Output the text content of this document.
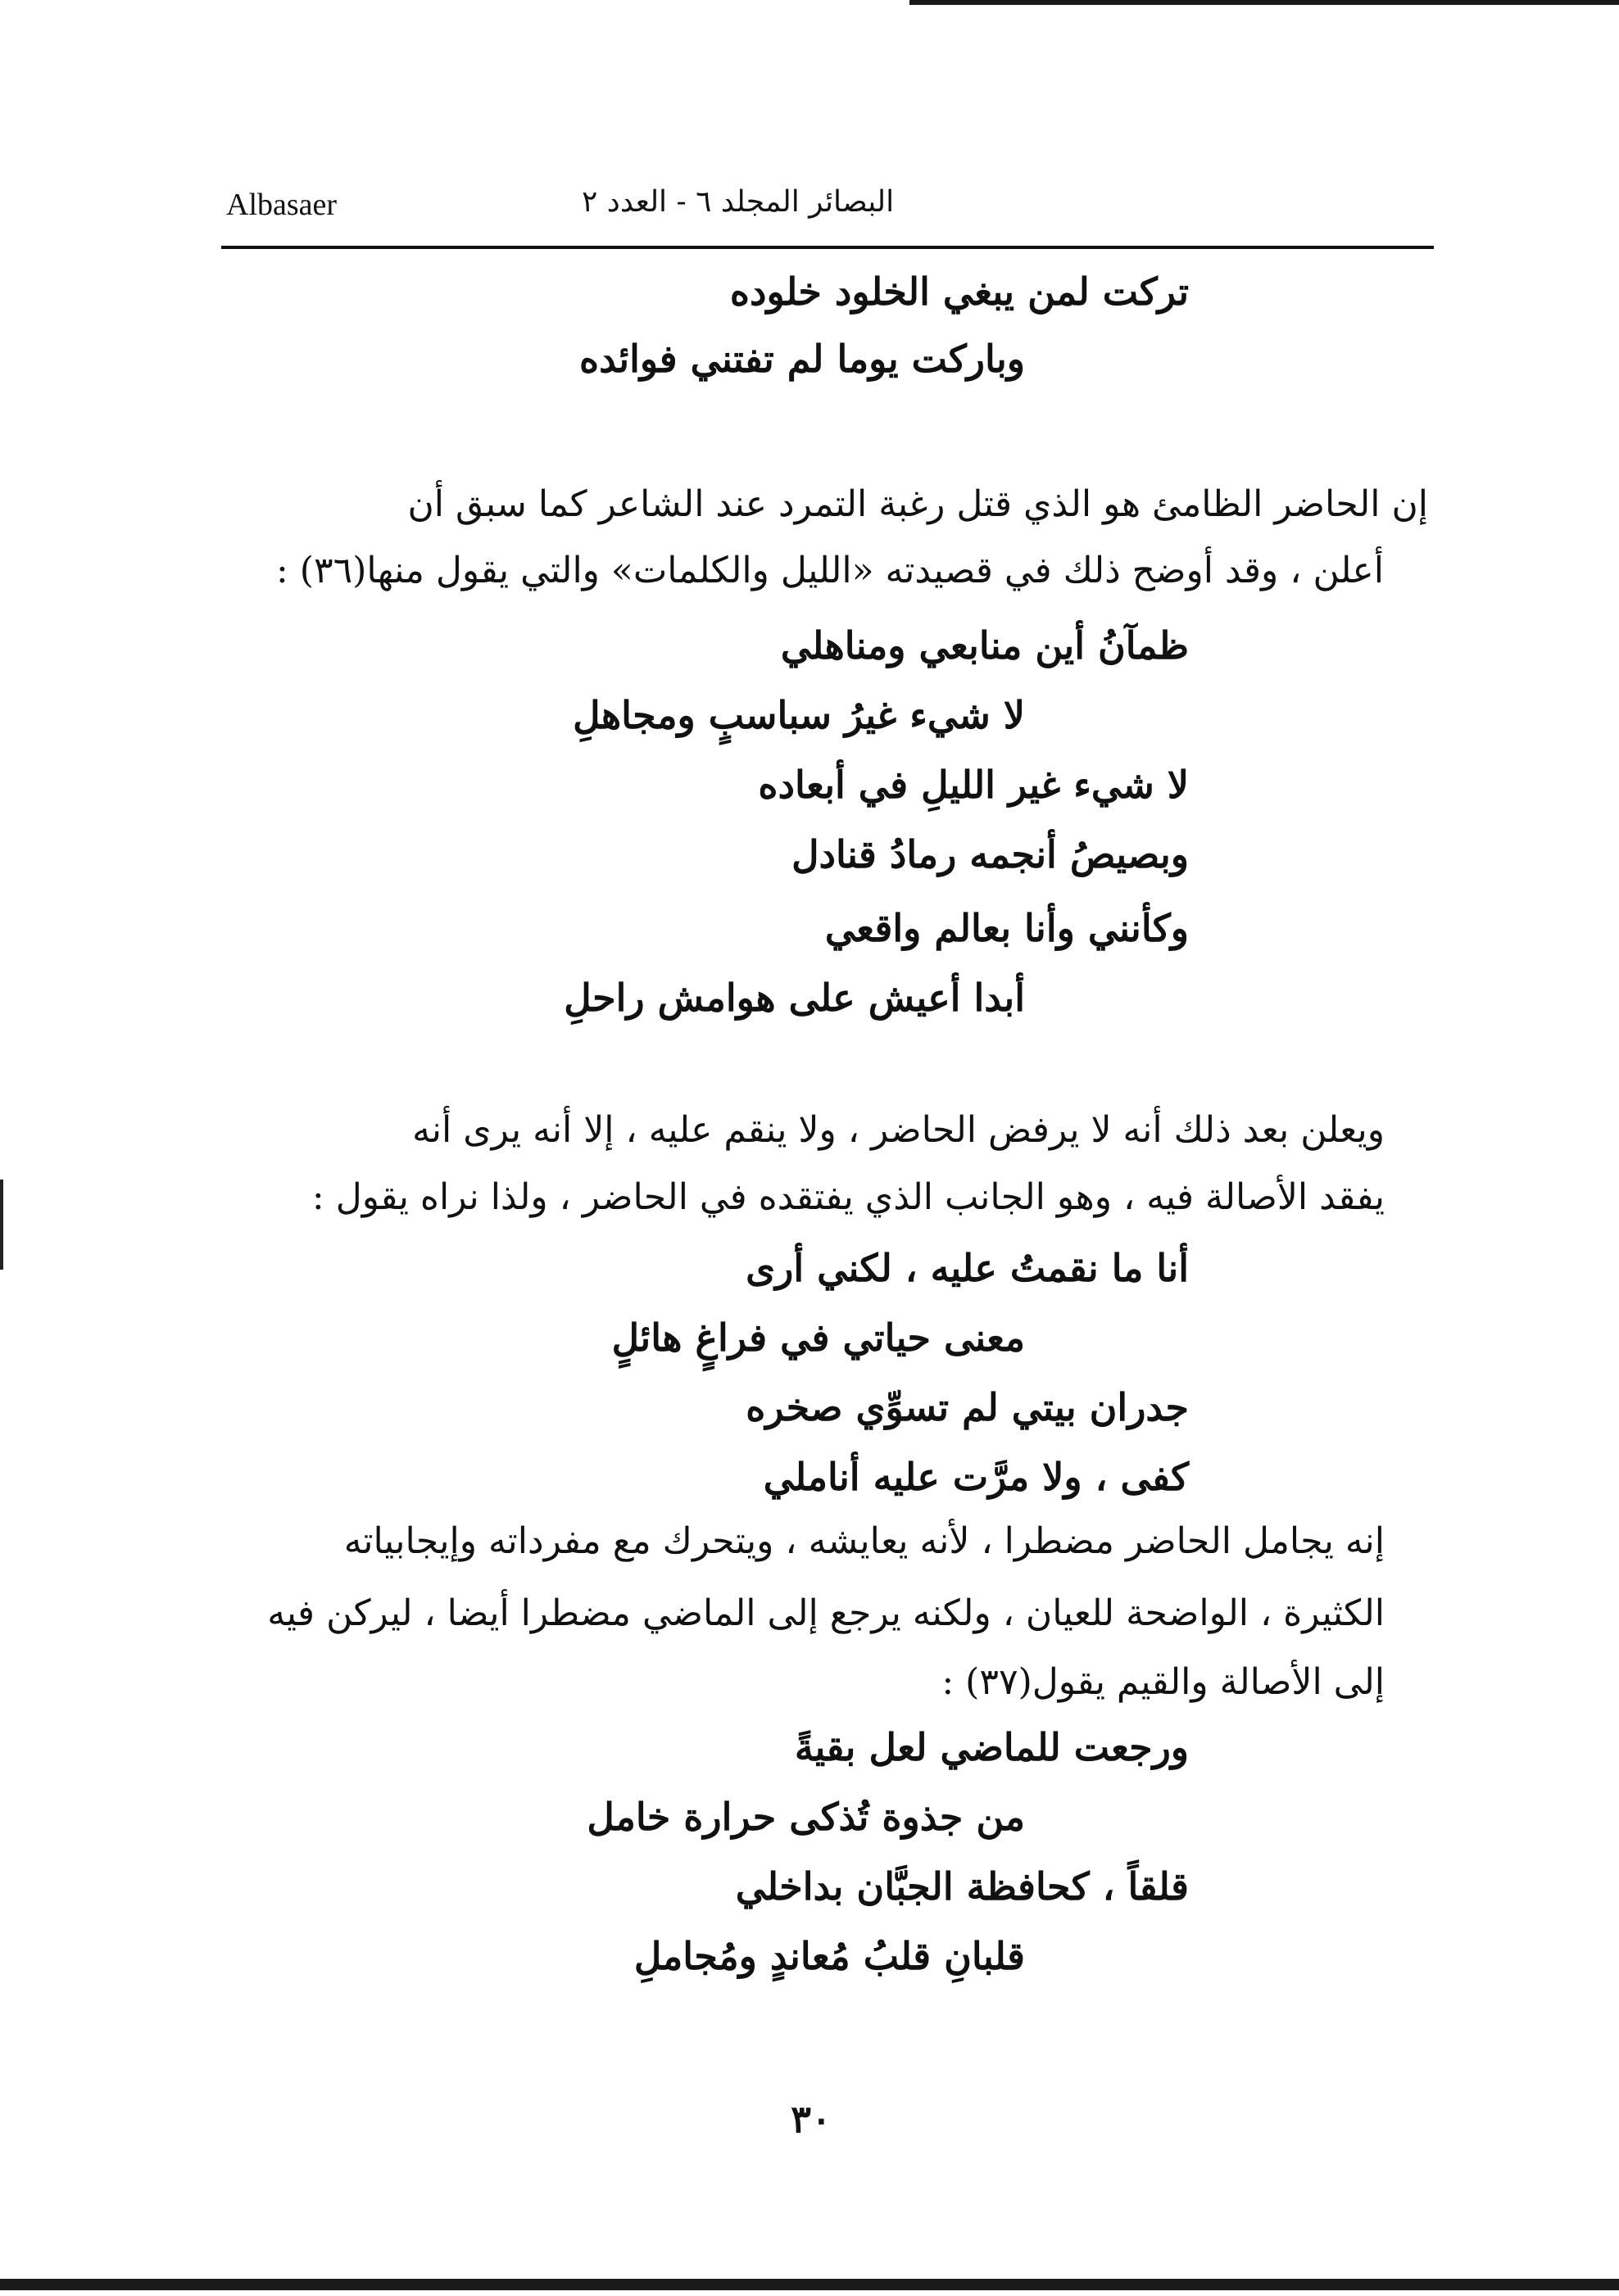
Albasaer	البصائر المجلد ٦ - العدد ٢
تركت لمن يبغي الخلود خلوده
وباركت يوما لم تفتني فوائده
إن الحاضر الظامئ هو الذي قتل رغبة التمرد عند الشاعر كما سبق أن
أعلن ، وقد أوضح ذلك في قصيدته «الليل والكلمات» والتي يقول منها(٣٦) :
ظمآنُ أين منابعي ومناهلي
لا شيء غيرُ سباسبٍ ومجاهلِ
لا شيء غير الليلِ في أبعاده
وبصيصُ أنجمه رمادُ قنادل
وكأنني وأنا بعالم واقعي
أبدا أعيش على هوامش راحلِ
ويعلن بعد ذلك أنه لا يرفض الحاضر ، ولا ينقم عليه ، إلا أنه يرى أنه
يفقد الأصالة فيه ، وهو الجانب الذي يفتقده في الحاضر ، ولذا نراه يقول :
أنا ما نقمتُ عليه ، لكني أرى
معنى حياتي في فراغٍ هائلٍ
جدران بيتي لم تسوِّي صخره
كفى ، ولا مرَّت عليه أناملي
إنه يجامل الحاضر مضطرا ، لأنه يعايشه ، ويتحرك مع مفرداته وإيجابياته
الكثيرة ، الواضحة للعيان ، ولكنه يرجع إلى الماضي مضطرا أيضا ، ليركن فيه
إلى الأصالة والقيم يقول(٣٧) :
ورجعت للماضي لعل بقيةً
من جذوة تُذكى حرارة خامل
قلقاً ، كحافظة الجبَّان بداخلي
قلبانِ قلبُ مُعاندٍ ومُجاملِ
٣٠
